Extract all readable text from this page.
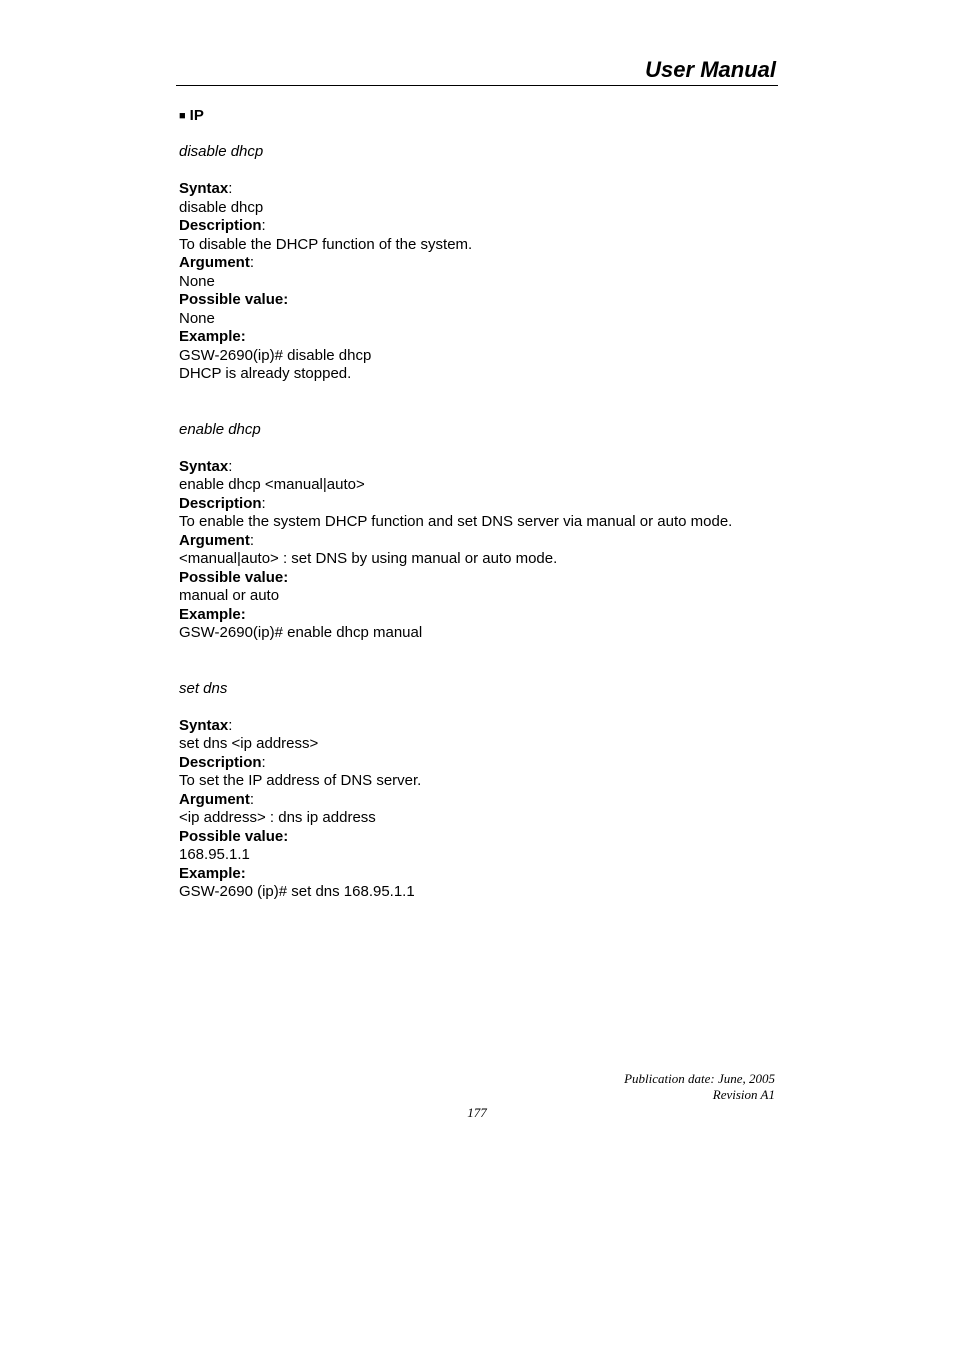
User Manual

■ IP

disable dhcp

Syntax:

disable dhcp

Description:

To disable the DHCP function of the system.

Argument:

None

Possible value:

None

Example:

GSW-2690(ip)# disable dhcp

DHCP is already stopped.

enable dhcp

Syntax:

enable dhcp <manual|auto>

Description:

To enable the system DHCP function and set DNS server via manual or auto mode.

Argument:

<manual|auto> : set DNS by using manual or auto mode.

Possible value:

manual or auto

Example:

GSW-2690(ip)# enable dhcp manual

set dns

Syntax:

set dns <ip address>

Description:

To set the IP address of DNS server.

Argument:

<ip address> : dns ip address

Possible value:

168.95.1.1

Example:

GSW-2690 (ip)# set dns 168.95.1.1

Publication date: June, 2005
Revision A1
177
